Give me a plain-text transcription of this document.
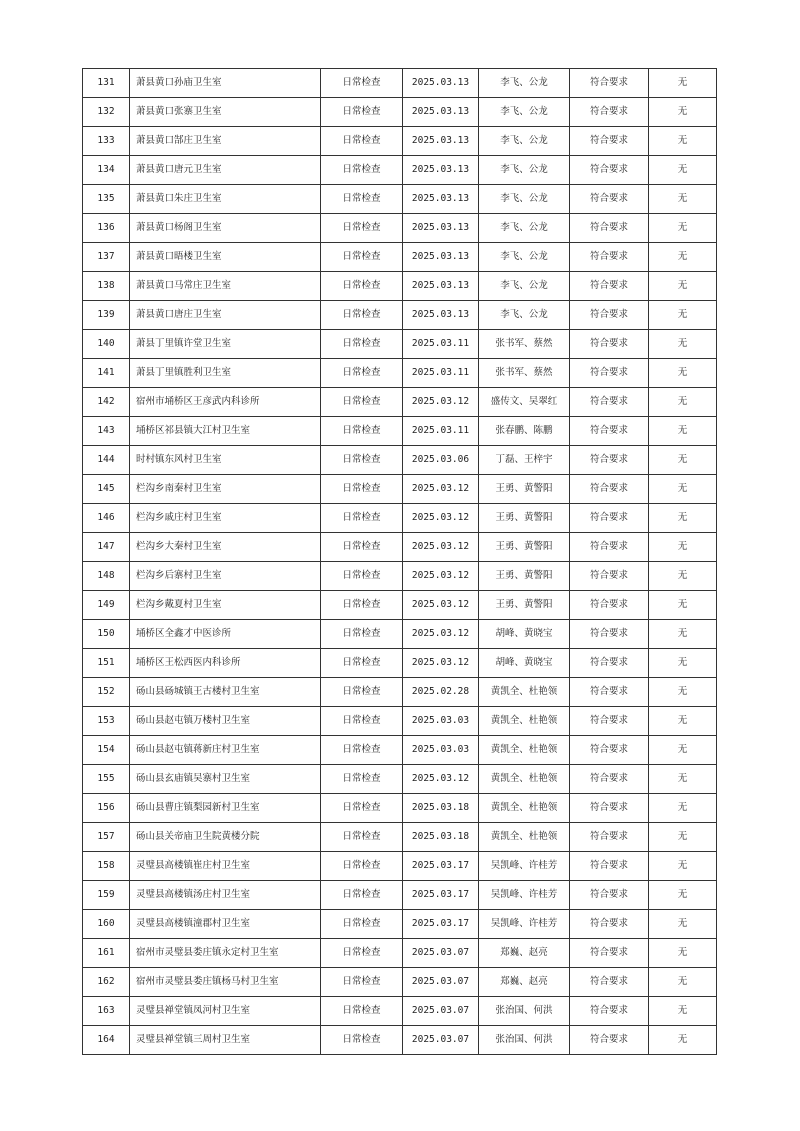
131	萧县黄口孙庙卫生室	日常检查	2025.03.13	李飞、公龙	符合要求	无
132	萧县黄口张寨卫生室	日常检查	2025.03.13	李飞、公龙	符合要求	无
133	萧县黄口郜庄卫生室	日常检查	2025.03.13	李飞、公龙	符合要求	无
134	萧县黄口唐元卫生室	日常检查	2025.03.13	李飞、公龙	符合要求	无
135	萧县黄口朱庄卫生室	日常检查	2025.03.13	李飞、公龙	符合要求	无
136	萧县黄口杨阁卫生室	日常检查	2025.03.13	李飞、公龙	符合要求	无
137	萧县黄口晤楼卫生室	日常检查	2025.03.13	李飞、公龙	符合要求	无
138	萧县黄口马常庄卫生室	日常检查	2025.03.13	李飞、公龙	符合要求	无
139	萧县黄口唐庄卫生室	日常检查	2025.03.13	李飞、公龙	符合要求	无
140	萧县丁里镇许堂卫生室	日常检查	2025.03.11	张书军、蔡然	符合要求	无
141	萧县丁里镇胜利卫生室	日常检查	2025.03.11	张书军、蔡然	符合要求	无
142	宿州市埇桥区王彦武内科诊所	日常检查	2025.03.12	盛传文、吴翠红	符合要求	无
143	埇桥区祁县镇大江村卫生室	日常检查	2025.03.11	张春鹏、陈鹏	符合要求	无
144	时村镇东风村卫生室	日常检查	2025.03.06	丁磊、王梓宇	符合要求	无
145	栏沟乡南秦村卫生室	日常检查	2025.03.12	王勇、黄警阳	符合要求	无
146	栏沟乡戚庄村卫生室	日常检查	2025.03.12	王勇、黄警阳	符合要求	无
147	栏沟乡大秦村卫生室	日常检查	2025.03.12	王勇、黄警阳	符合要求	无
148	栏沟乡后寨村卫生室	日常检查	2025.03.12	王勇、黄警阳	符合要求	无
149	栏沟乡戴夏村卫生室	日常检查	2025.03.12	王勇、黄警阳	符合要求	无
150	埇桥区全鑫才中医诊所	日常检查	2025.03.12	胡峰、黄晓宝	符合要求	无
151	埇桥区王松西医内科诊所	日常检查	2025.03.12	胡峰、黄晓宝	符合要求	无
152	砀山县砀城镇王古楼村卫生室	日常检查	2025.02.28	黄凯全、杜艳领	符合要求	无
153	砀山县赵屯镇万楼村卫生室	日常检查	2025.03.03	黄凯全、杜艳领	符合要求	无
154	砀山县赵屯镇蒋新庄村卫生室	日常检查	2025.03.03	黄凯全、杜艳领	符合要求	无
155	砀山县玄庙镇吴寨村卫生室	日常检查	2025.03.12	黄凯全、杜艳领	符合要求	无
156	砀山县曹庄镇梨园新村卫生室	日常检查	2025.03.18	黄凯全、杜艳领	符合要求	无
157	砀山县关帝庙卫生院黄楼分院	日常检查	2025.03.18	黄凯全、杜艳领	符合要求	无
158	灵璧县高楼镇崔庄村卫生室	日常检查	2025.03.17	吴凯峰、许桂芳	符合要求	无
159	灵璧县高楼镇汤庄村卫生室	日常检查	2025.03.17	吴凯峰、许桂芳	符合要求	无
160	灵璧县高楼镇潼郡村卫生室	日常检查	2025.03.17	吴凯峰、许桂芳	符合要求	无
161	宿州市灵璧县娄庄镇永定村卫生室	日常检查	2025.03.07	郑巍、赵亮	符合要求	无
162	宿州市灵璧县娄庄镇杨马村卫生室	日常检查	2025.03.07	郑巍、赵亮	符合要求	无
163	灵璧县禅堂镇凤河村卫生室	日常检查	2025.03.07	张治国、何洪	符合要求	无
164	灵璧县禅堂镇三周村卫生室	日常检查	2025.03.07	张治国、何洪	符合要求	无
